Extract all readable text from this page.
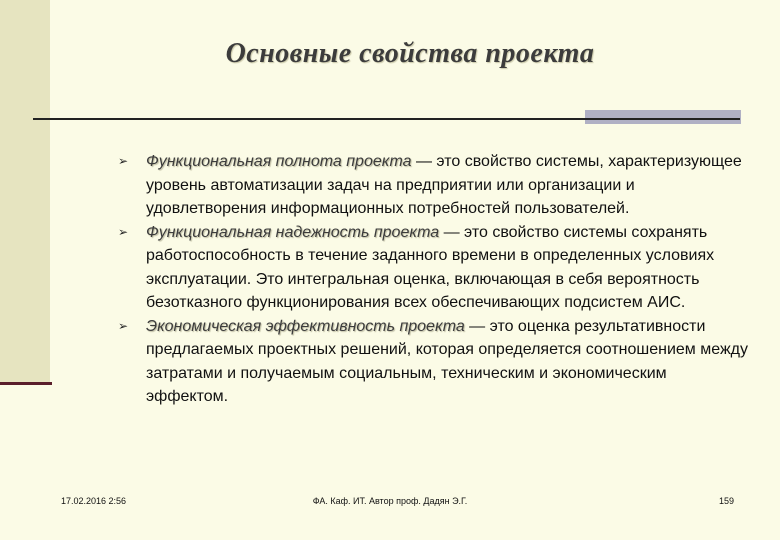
Основные свойства проекта

➢ Функциональная полнота проекта — это свойство системы, характеризующее уровень автоматизации задач на предприятии или организации и удовлетворения информационных потребностей пользователей.

➢ Функциональная надежность проекта — это свойство системы сохранять работоспособность в течение заданного времени в определенных условиях эксплуатации. Это интегральная оценка, включающая в себя вероятность безотказного функционирования всех обеспечивающих подсистем АИС.

➢ Экономическая эффективность проекта — это оценка результативности предлагаемых проектных решений, которая определяется соотношением между затратами и получаемым социальным, техническим и экономическим эффектом.

17.02.2016 2:56	ФА. Каф. ИТ. Автор проф. Дадян Э.Г.	159
